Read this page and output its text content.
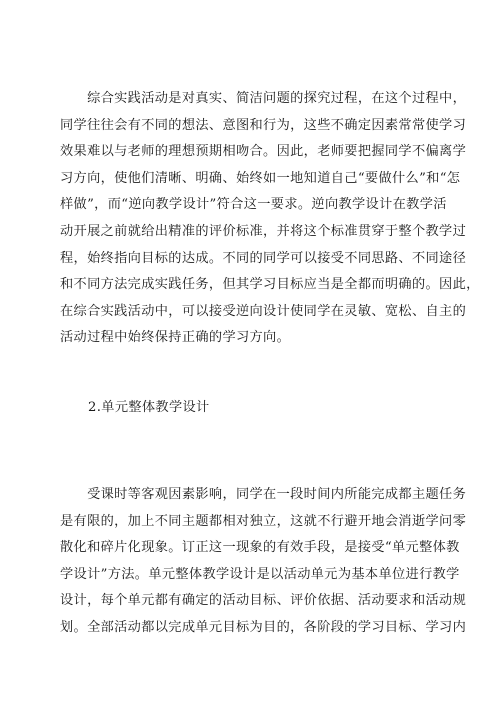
　　综合实践活动是对真实、简洁问题的探究过程，在这个过程中，
同学往往会有不同的想法、意图和行为，这些不确定因素常常使学习
效果难以与老师的理想预期相吻合。因此，老师要把握同学不偏离学
习方向，使他们清晰、明确、始终如一地知道自己“要做什么”和“怎
样做”，而“逆向教学设计”符合这一要求。逆向教学设计在教学活
动开展之前就给出精准的评价标准，并将这个标准贯穿于整个教学过
程，始终指向目标的达成。不同的同学可以接受不同思路、不同途径
和不同方法完成实践任务，但其学习目标应当是全都而明确的。因此，
在综合实践活动中，可以接受逆向设计使同学在灵敏、宽松、自主的
活动过程中始终保持正确的学习方向。
2.单元整体教学设计
　　受课时等客观因素影响，同学在一段时间内所能完成都主题任务
是有限的，加上不同主题都相对独立，这就不行避开地会消逝学问零
散化和碎片化现象。订正这一现象的有效手段，是接受“单元整体教
学设计”方法。单元整体教学设计是以活动单元为基本单位进行教学
设计，每个单元都有确定的活动目标、评价依据、活动要求和活动规
划。全部活动都以完成单元目标为目的，各阶段的学习目标、学习内
